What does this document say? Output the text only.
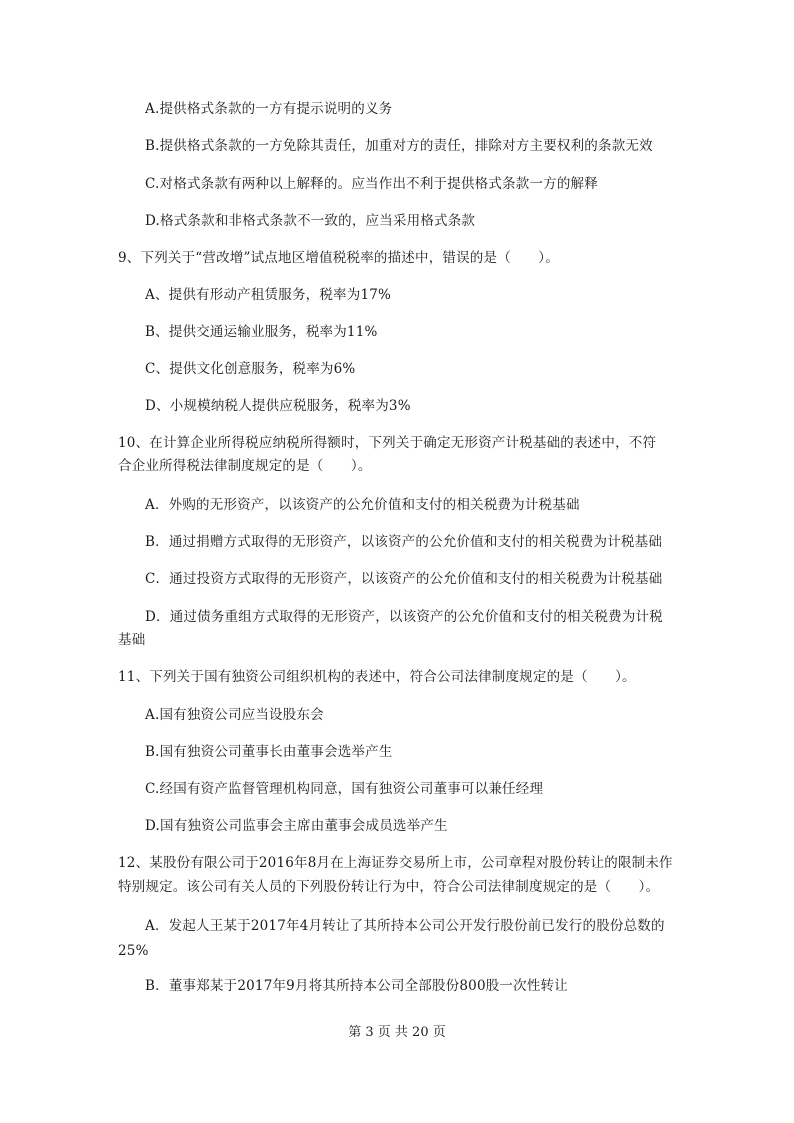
A.提供格式条款的一方有提示说明的义务
B.提供格式条款的一方免除其责任，加重对方的责任，排除对方主要权利的条款无效
C.对格式条款有两种以上解释的。应当作出不利于提供格式条款一方的解释
D.格式条款和非格式条款不一致的，应当采用格式条款
9、下列关于“营改增”试点地区增值税税率的描述中，错误的是（　　）。
A、提供有形动产租赁服务，税率为17%
B、提供交通运输业服务，税率为11%
C、提供文化创意服务，税率为6%
D、小规模纳税人提供应税服务，税率为3%
10、在计算企业所得税应纳税所得额时，下列关于确定无形资产计税基础的表述中，不符
合企业所得税法律制度规定的是（　　）。
A．外购的无形资产，以该资产的公允价值和支付的相关税费为计税基础
B．通过捐赠方式取得的无形资产，以该资产的公允价值和支付的相关税费为计税基础
C．通过投资方式取得的无形资产，以该资产的公允价值和支付的相关税费为计税基础
D．通过债务重组方式取得的无形资产，以该资产的公允价值和支付的相关税费为计税
基础
11、下列关于国有独资公司组织机构的表述中，符合公司法律制度规定的是（　　）。
A.国有独资公司应当设股东会
B.国有独资公司董事长由董事会选举产生
C.经国有资产监督管理机构同意，国有独资公司董事可以兼任经理
D.国有独资公司监事会主席由董事会成员选举产生
12、某股份有限公司于2016年8月在上海证券交易所上市，公司章程对股份转让的限制未作
特别规定。该公司有关人员的下列股份转让行为中，符合公司法律制度规定的是（　　）。
A．发起人王某于2017年4月转让了其所持本公司公开发行股份前已发行的股份总数的
25%
B．董事郑某于2017年9月将其所持本公司全部股份800股一次性转让
第 3 页 共 20 页
